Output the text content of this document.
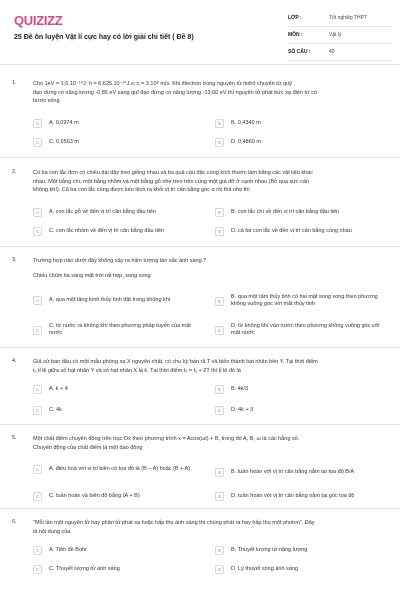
QUIZIZZ
25 Đề ôn luyện Vật lí cực hay có lời giải chi tiết ( Đề 8)
LỚP :	Tốt nghiệp THPT
MÔN :	Vật lý
SỐ CÂU :	40
1.	Cho 1eV = 1,6.10⁻¹⁹J; h = 6,625.10⁻³⁴J.s; c = 3.10⁸ m/s. Khi êlectron trong nguyên tử hiđrô chuyển từ quỹ
đạo dừng có năng lượng -0,85 eV sang quĩ đạo dừng có năng lượng -13,60 eV thì nguyên tử phát bức xạ điện từ có
bước sóng
A	A. 0,0974 m	B	B. 0,4340 m
C	C. 0,6563 m	D	D. 0,4860 m
2.	Có ba con lắc đơn có chiều dài dây treo giống nhau và ba quả cầu đặc cùng kích thước làm bằng các vật liệu khác
nhau: Một bằng chì, một bằng nhôm và một bằng gỗ nhẹ treo trên cùng một giá đỡ ở cạnh nhau (Bỏ qua sức cản
không khí). Cả ba con lắc cùng được kéo lệch ra khỏi vị trí cân bằng góc α rồi thả nhẹ thì
A	A. con lắc gỗ về đến vị trí cân bằng đầu tiên	B	B. con lắc chì về đến vị trí cân bằng đầu tiên
C	C. con lắc nhôm về đến vị trí cân bằng đầu tiên	D	D. cả ba con lắc về đến vị trí cân bằng cùng nhau
3.	Trường hợp nào dưới đây không xảy ra hiện tượng tán sắc ánh sáng ?
Chiếu chùm tia sáng mặt trời rất hẹp, song song
A	A. qua một lăng kính thủy tinh đặt trong không khí	B
B. qua một tấm thủy tinh có hai mặt song song theo phương không vuông góc với mặt thủy tinh
C
C. từ nước ra không khí theo phương pháp tuyến của mặt nước	D
D. từ không khí vào nước theo phương không vuông góc với mặt nước
4.	Giả sử ban đầu có một mẫu phóng xạ X nguyên chất, có chu kỳ bán rã T và biến thành hạt nhân bền Y. Tại thời điểm
t₁ tỉ lệ giữa số hạt nhân Y và số hạt nhân X là k. Tại thời điểm t₂ = t₁ + 2T thì tỉ lệ đó là
A	A. k + 4	B	B. 4k/3
C	C. 4k	D	D. 4k + 3
5.	Một chất điểm chuyển động trên trục Ox theo phương trình x = Acos(ωt) + B, trong đó A, B, ω là các hằng số.
Chuyển động của chất điểm là một dao động
A	A. điều hoà với vị trí biên có tọa độ là (B – A) hoặc (B + A)
B	B. tuần hoàn với vị trí cân bằng nằm tại tọa độ B/A
C	C. tuần hoàn và biên độ bằng (A + B)	D	D. tuần hoàn với vị trí cân bằng nằm tại gốc tọa độ
6.	"Mỗi lần một nguyên tử hay phân tử phát xạ hoặc hấp thụ ánh sáng thì chúng phát ra hay hấp thụ một photon". Đây
là nội dung của
A	A. Tiên đề Bohr	B	B. Thuyết lượng tử năng lượng
C	C. Thuyết lượng tử ánh sáng	D	D. Lý thuyết sóng ánh sáng
